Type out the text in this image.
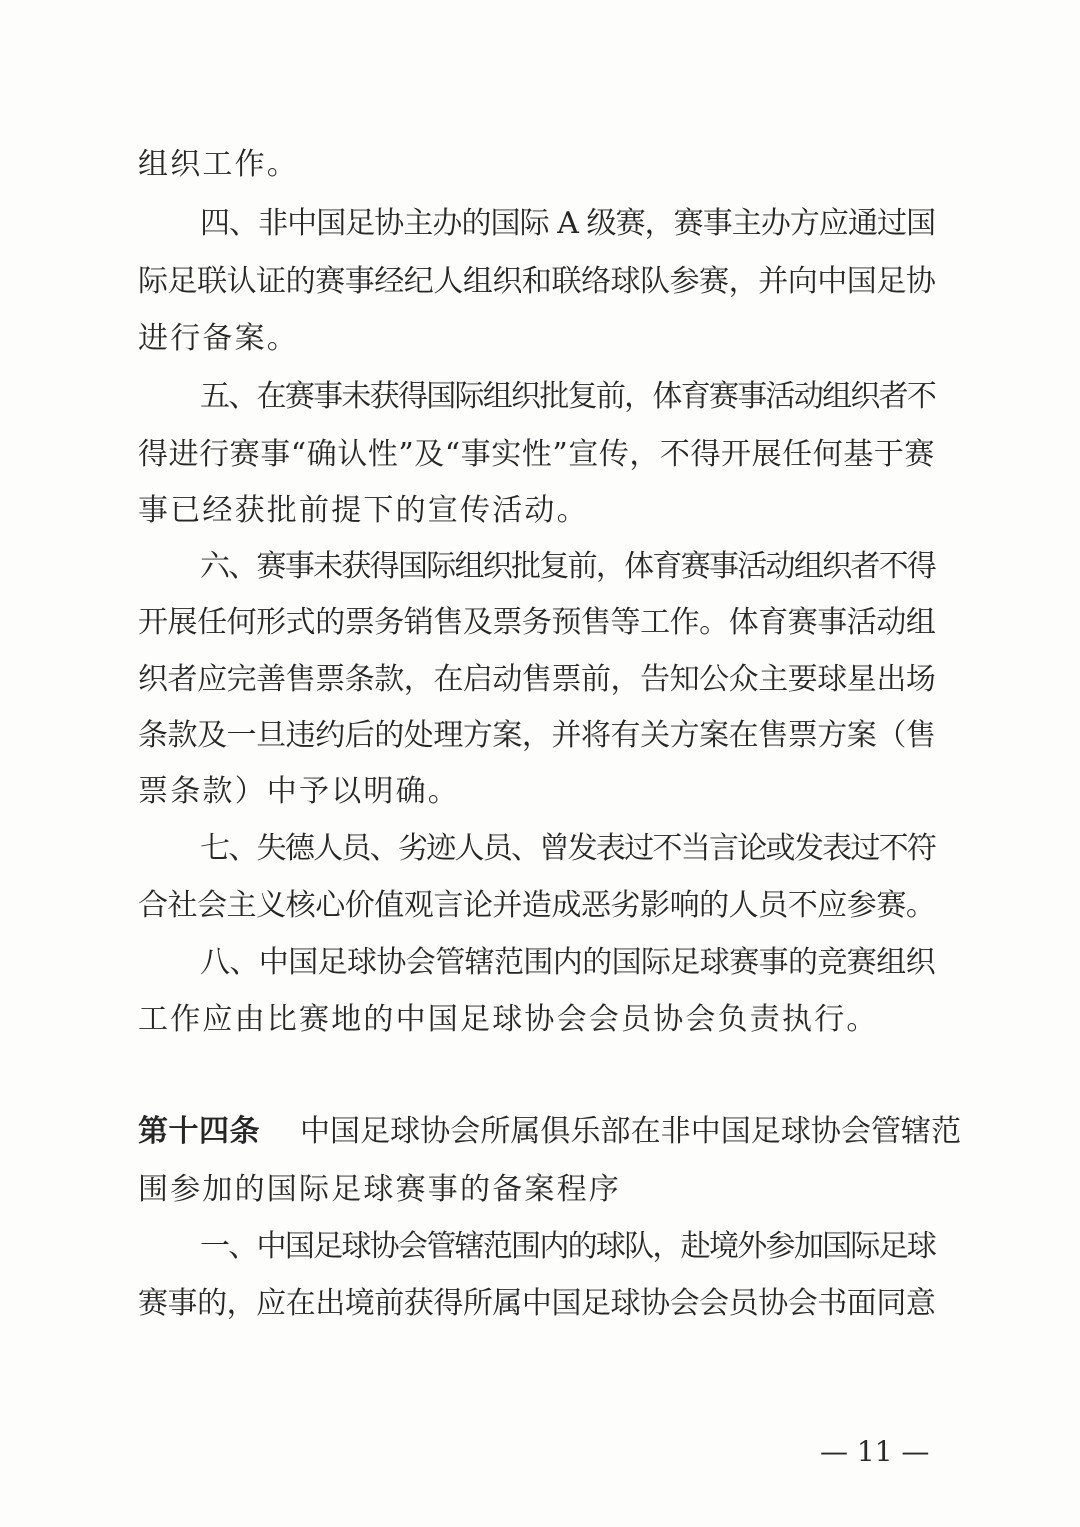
组织工作。
四、非中国足协主办的国际 A 级赛，赛事主办方应通过国
际足联认证的赛事经纪人组织和联络球队参赛，并向中国足协
进行备案。
五、在赛事未获得国际组织批复前，体育赛事活动组织者不
得进行赛事“确认性”及“事实性”宣传，不得开展任何基于赛
事已经获批前提下的宣传活动。
六、赛事未获得国际组织批复前，体育赛事活动组织者不得
开展任何形式的票务销售及票务预售等工作。体育赛事活动组
织者应完善售票条款，在启动售票前，告知公众主要球星出场
条款及一旦违约后的处理方案，并将有关方案在售票方案（售
票条款）中予以明确。
七、失德人员、劣迹人员、曾发表过不当言论或发表过不符
合社会主义核心价值观言论并造成恶劣影响的人员不应参赛。
八、中国足球协会管辖范围内的国际足球赛事的竞赛组织
工作应由比赛地的中国足球协会会员协会负责执行。
第十四条 中国足球协会所属俱乐部在非中国足球协会管辖范
围参加的国际足球赛事的备案程序
一、中国足球协会管辖范围内的球队，赴境外参加国际足球
赛事的，应在出境前获得所属中国足球协会会员协会书面同意
— 11 —
